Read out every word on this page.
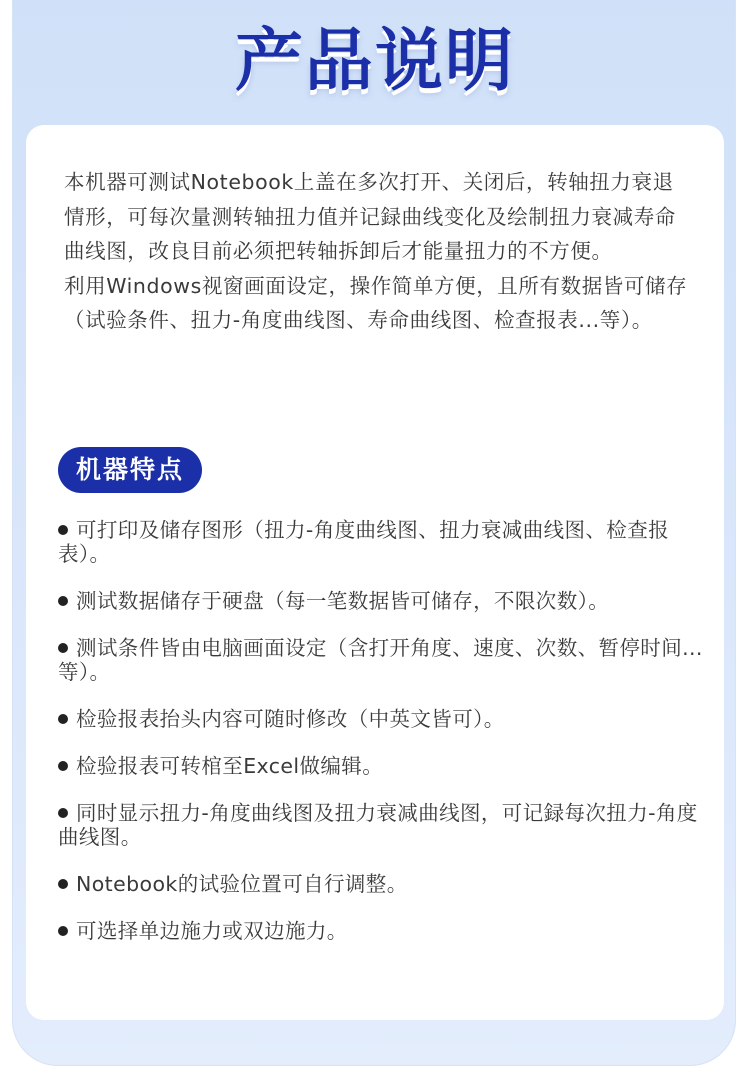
产品说明

本机器可测试Notebook上盖在多次打开、关闭后，转轴扭力衰退情形，可每次量测转轴扭力值并记録曲线变化及绘制扭力衰减寿命曲线图，改良目前必须把转轴拆卸后才能量扭力的不方便。

利用Windows视窗画面设定，操作简单方便，且所有数据皆可储存（试验条件、扭力-角度曲线图、寿命曲线图、检查报表...等）。

机器特点
可打印及储存图形（扭力-角度曲线图、扭力衰减曲线图、检查报表）。
测试数据储存于硬盘（每一笔数据皆可储存，不限次数）。
测试条件皆由电脑画面设定（含打开角度、速度、次数、暂停时间...等）。
检验报表抬头内容可随时修改（中英文皆可）。
检验报表可转棺至Excel做编辑。
同时显示扭力-角度曲线图及扭力衰减曲线图，可记録每次扭力-角度曲线图。
Notebook的试验位置可自行调整。
可选择单边施力或双边施力。
